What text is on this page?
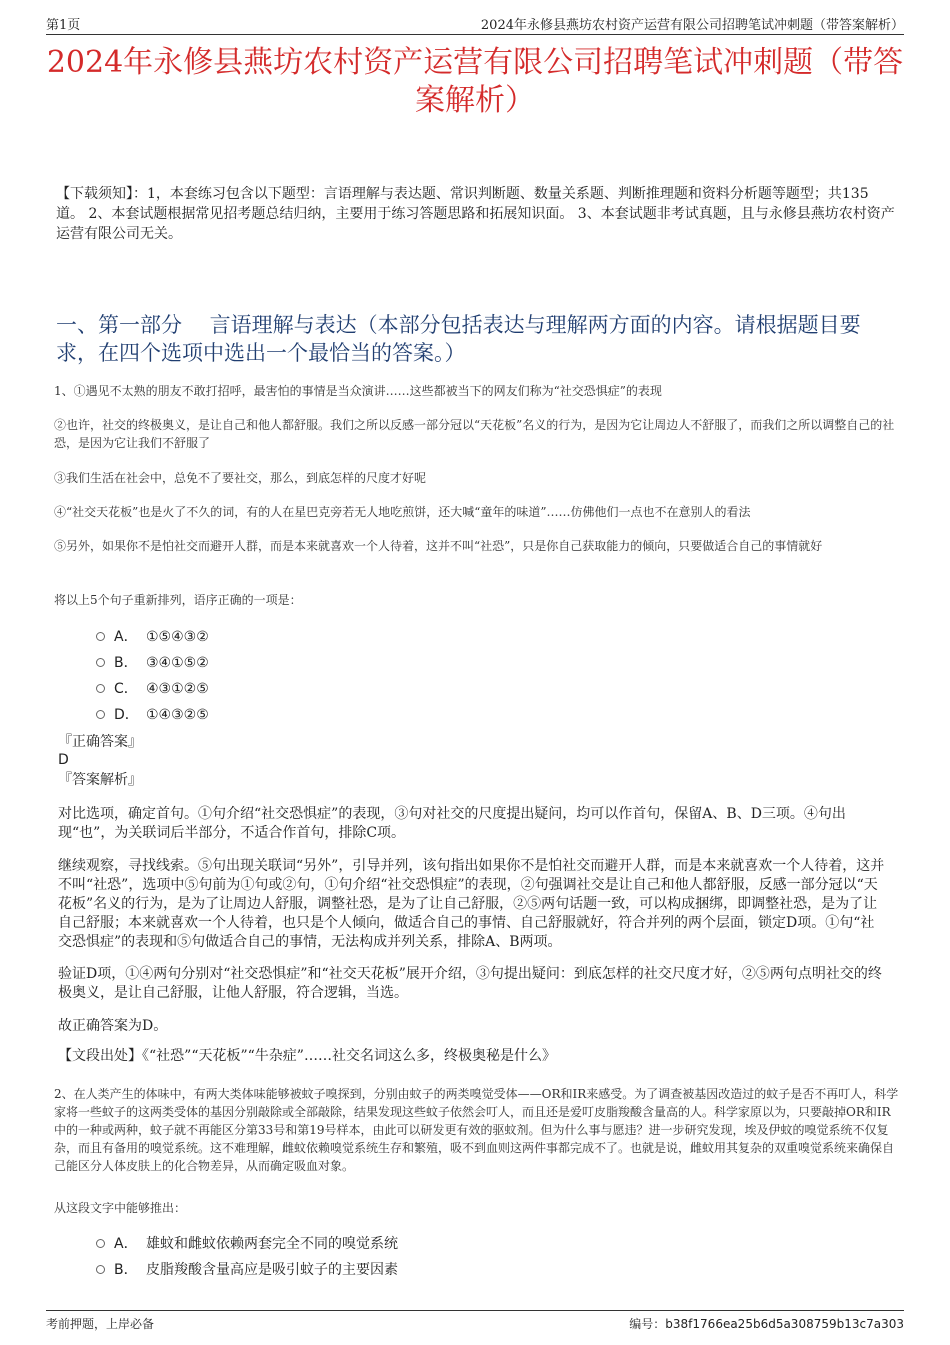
第1页	2024年永修县燕坊农村资产运营有限公司招聘笔试冲刺题（带答案解析）
2024年永修县燕坊农村资产运营有限公司招聘笔试冲刺题（带答案解析）
【下载须知】：1，本套练习包含以下题型：言语理解与表达题、常识判断题、数量关系题、判断推理题和资料分析题等题型；共135道。 2、本套试题根据常见招考题总结归纳，主要用于练习答题思路和拓展知识面。 3、本套试题非考试真题，且与永修县燕坊农村资产运营有限公司无关。
一、第一部分　 言语理解与表达（本部分包括表达与理解两方面的内容。请根据题目要求，在四个选项中选出一个最恰当的答案。）
1、①遇见不太熟的朋友不敢打招呼，最害怕的事情是当众演讲……这些都被当下的网友们称为“社交恐惧症”的表现
②也许，社交的终极奥义，是让自己和他人都舒服。我们之所以反感一部分冠以“天花板”名义的行为，是因为它让周边人不舒服了，而我们之所以调整自己的社恐，是因为它让我们不舒服了
③我们生活在社会中，总免不了要社交，那么，到底怎样的尺度才好呢
④“社交天花板”也是火了不久的词，有的人在星巴克旁若无人地吃煎饼，还大喊“童年的味道”……仿佛他们一点也不在意别人的看法
⑤另外，如果你不是怕社交而避开人群，而是本来就喜欢一个人待着，这并不叫“社恐”，只是你自己获取能力的倾向，只要做适合自己的事情就好
将以上5个句子重新排列，语序正确的一项是：
A． ①⑤④③②
B． ③④①⑤②
C． ④③①②⑤
D． ①④③②⑤
『正确答案』
D
『答案解析』
对比选项，确定首句。①句介绍“社交恐惧症”的表现，③句对社交的尺度提出疑问，均可以作首句，保留A、B、D三项。④句出现“也”，为关联词后半部分，不适合作首句，排除C项。
继续观察，寻找线索。⑤句出现关联词“另外”，引导并列，该句指出如果你不是怕社交而避开人群，而是本来就喜欢一个人待着，这并不叫“社恐”，选项中⑤句前为①句或②句，①句介绍“社交恐惧症”的表现，②句强调社交是让自己和他人都舒服，反感一部分冠以“天花板”名义的行为，是为了让周边人舒服，调整社恐，是为了让自己舒服，②⑤两句话题一致，可以构成捆绑，即调整社恐，是为了让自己舒服；本来就喜欢一个人待着，也只是个人倾向，做适合自己的事情、自己舒服就好，符合并列的两个层面，锁定D项。①句“社交恐惧症”的表现和⑤句做适合自己的事情，无法构成并列关系，排除A、B两项。
验证D项，①④两句分别对“社交恐惧症”和“社交天花板”展开介绍，③句提出疑问：到底怎样的社交尺度才好，②⑤两句点明社交的终极奥义，是让自己舒服，让他人舒服，符合逻辑，当选。
故正确答案为D。
【文段出处】《“社恐”“天花板”“牛杂症”……社交名词这么多，终极奥秘是什么》
2、在人类产生的体味中，有两大类体味能够被蚊子嗅探到，分别由蚊子的两类嗅觉受体——OR和IR来感受。为了调查被基因改造过的蚊子是否不再叮人，科学家将一些蚊子的这两类受体的基因分别敲除或全部敲除，结果发现这些蚊子依然会叮人，而且还是爱叮皮脂羧酸含量高的人。科学家原以为，只要敲掉OR和IR中的一种或两种，蚊子就不再能区分第33号和第19号样本，由此可以研发更有效的驱蚊剂。但为什么事与愿违？进一步研究发现，埃及伊蚊的嗅觉系统不仅复杂，而且有备用的嗅觉系统。这不难理解，雌蚊依赖嗅觉系统生存和繁殖，吸不到血则这两件事都完成不了。也就是说，雌蚊用其复杂的双重嗅觉系统来确保自己能区分人体皮肤上的化合物差异，从而确定吸血对象。
从这段文字中能够推出：
A． 雄蚊和雌蚊依赖两套完全不同的嗅觉系统
B． 皮脂羧酸含量高应是吸引蚊子的主要因素
考前押题，上岸必备	编号：b38f1766ea25b6d5a308759b13c7a303
